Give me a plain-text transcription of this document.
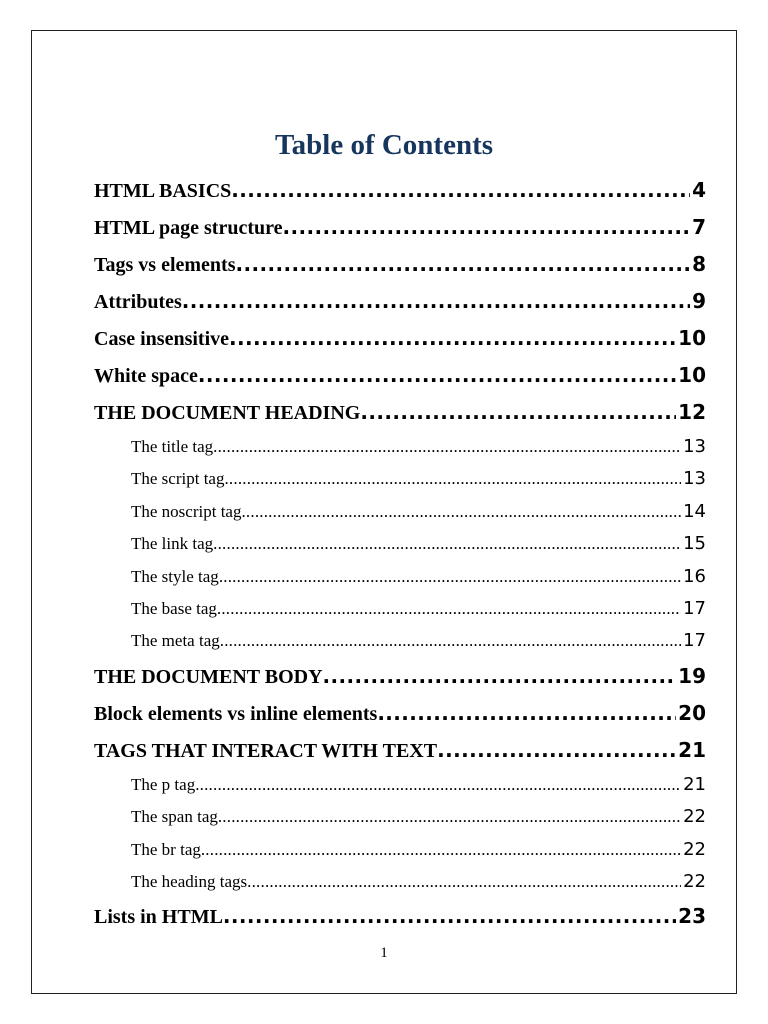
Table of Contents
HTML BASICS .....	4
HTML page structure .....	7
Tags vs elements .....	8
Attributes .....	9
Case insensitive .....	10
White space .....	10
THE DOCUMENT HEADING .....	12
The title tag .....	13
The script tag .....	13
The noscript tag .....	14
The link tag .....	15
The style tag .....	16
The base tag .....	17
The meta tag .....	17
THE DOCUMENT BODY .....	19
Block elements vs inline elements .....	20
TAGS THAT INTERACT WITH TEXT .....	21
The p tag .....	21
The span tag .....	22
The br tag .....	22
The heading tags .....	22
Lists in HTML .....	23
1
